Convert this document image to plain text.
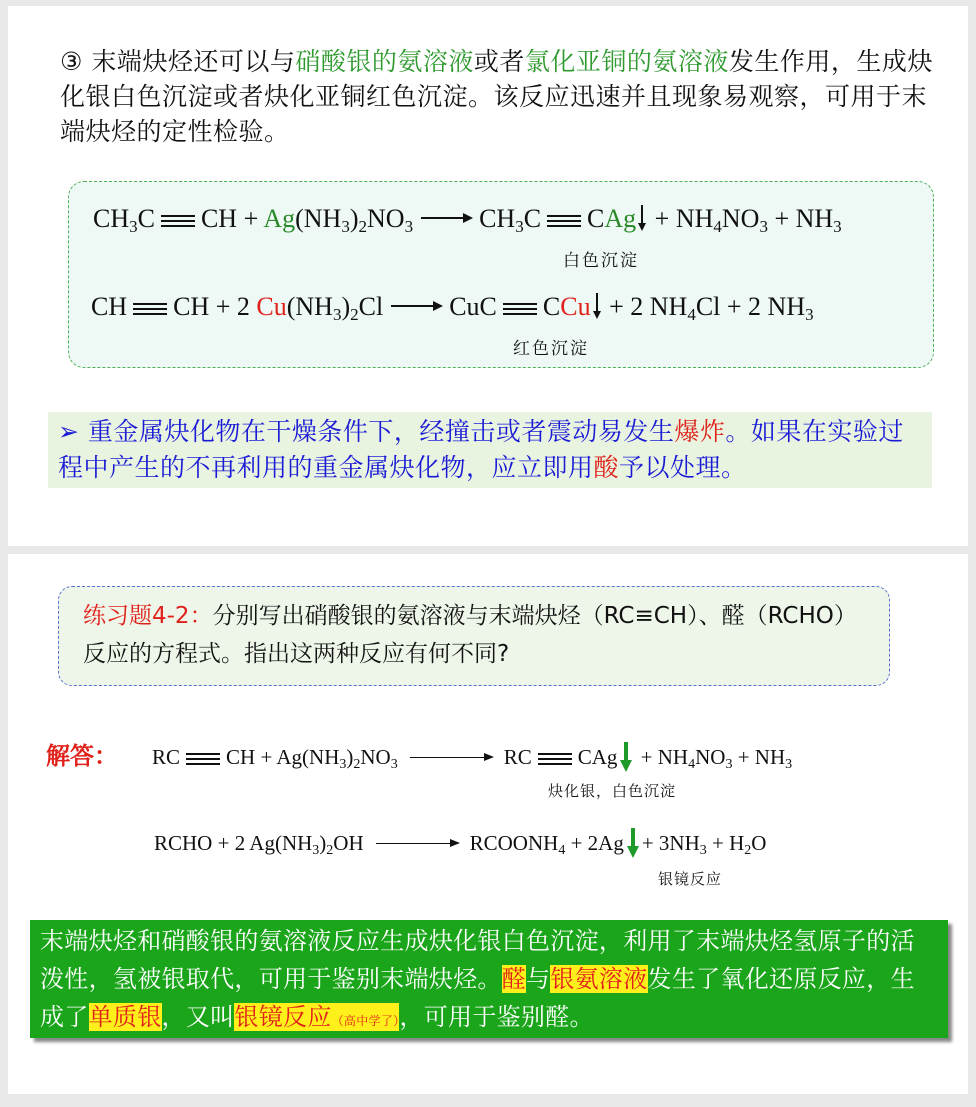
③ 末端炔烃还可以与硝酸银的氨溶液或者氯化亚铜的氨溶液发生作用，生成炔化银白色沉淀或者炔化亚铜红色沉淀。该反应迅速并且现象易观察，可用于末端炔烃的定性检验。

$CH_3C$ CH + $Ag(NH_3)_2NO_3$	$CH_3C$ CAg + $NH_4NO_3 + NH_3$
白色沉淀
CH CH + 2 $Cu(NH_3)_2Cl$	CuC CCu + 2 $NH_4Cl + 2$ $NH_3$
红色沉淀
➢ 重金属炔化物在干燥条件下，经撞击或者震动易发生爆炸。如果在实验过程中产生的不再利用的重金属炔化物，应立即用酸予以处理。
练习题4-2：分别写出硝酸银的氨溶液与末端炔烃（RC≡CH）、醛（RCHO）反应的方程式。指出这两种反应有何不同?
解答： RC CH + $Ag(NH_3)_2NO_3$	RC CAg + $NH_4NO_3 + NH_3$
炔化银，白色沉淀
RCHO + 2 $Ag(NH_3)_2OH$	$RCOONH_4 + 2Ag + 3NH_3 + H_2O$
银镜反应
末端炔烃和硝酸银的氨溶液反应生成炔化银白色沉淀，利用了末端炔烃氢原子的活泼性，氢被银取代，可用于鉴别末端炔烃。醛与银氨溶液发生了氧化还原反应，生成了单质银，又叫银镜反应（高中学了），可用于鉴别醛。
